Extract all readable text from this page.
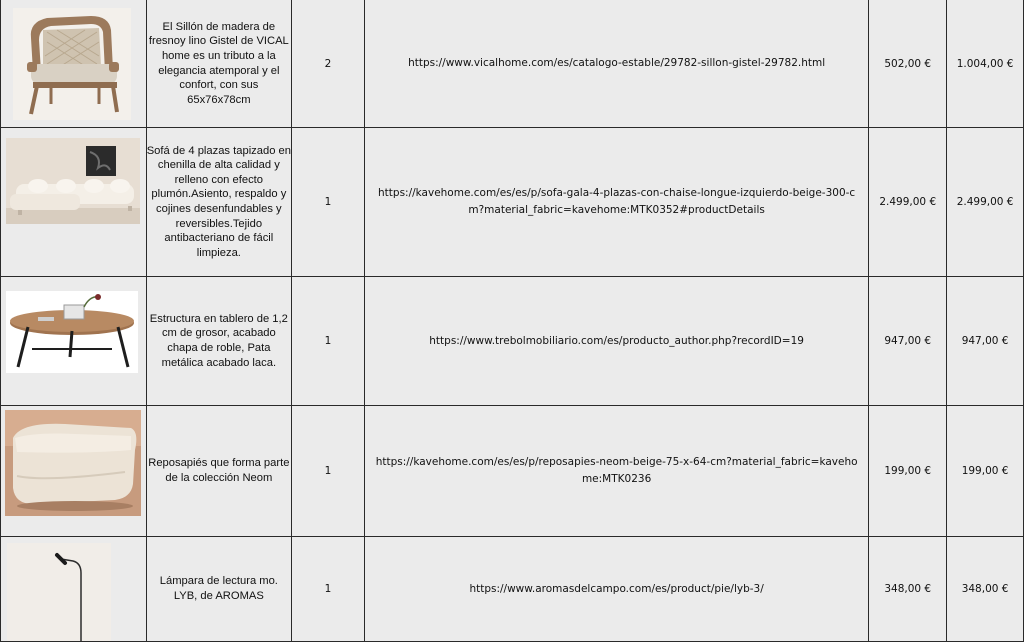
	El Sillón de madera de fresnoy lino Gistel de VICAL home es un tributo a la elegancia atemporal y el confort, con sus 65x76x78cm	2	https://www.vicalhome.com/es/catalogo-estable/29782-sillon-gistel-29782.html	502,00 €	1.004,00 €

	Sofá de 4 plazas tapizado en chenilla de alta calidad y relleno con efecto plumón.Asiento, respaldo y cojines desenfundables y reversibles.Tejido antibacteriano de fácil limpieza.	1	https://kavehome.com/es/es/p/sofa-gala-4-plazas-con-chaise-longue-izquierdo-beige-300-cm?material_fabric=kavehome:MTK0352#productDetails	2.499,00 €	2.499,00 €

	Estructura en tablero de 1,2 cm de grosor, acabado chapa de roble, Pata metálica acabado laca.	1	https://www.trebolmobiliario.com/es/producto_author.php?recordID=19	947,00 €	947,00 €

	Reposapiés que forma parte de la colección Neom	1	https://kavehome.com/es/es/p/reposapies-neom-beige-75-x-64-cm?material_fabric=kavehome:MTK0236	199,00 €	199,00 €

	Lámpara de lectura mo. LYB, de AROMAS	1	https://www.aromasdelcampo.com/es/product/pie/lyb-3/	348,00 €	348,00 €
